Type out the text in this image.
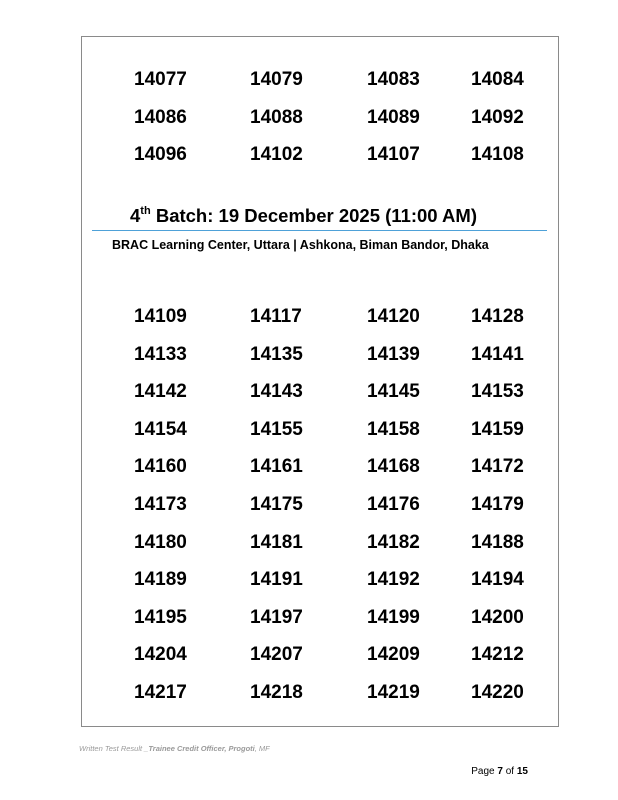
14077	14079	14083	14084
14086	14088	14089	14092
14096	14102	14107	14108
4th Batch: 19 December 2025 (11:00 AM)
BRAC Learning Center, Uttara | Ashkona, Biman Bandor, Dhaka
14109	14117	14120	14128
14133	14135	14139	14141
14142	14143	14145	14153
14154	14155	14158	14159
14160	14161	14168	14172
14173	14175	14176	14179
14180	14181	14182	14188
14189	14191	14192	14194
14195	14197	14199	14200
14204	14207	14209	14212
14217	14218	14219	14220
Written Test Result _Trainee Credit Officer, Progoti, MF
Page 7 of 15
